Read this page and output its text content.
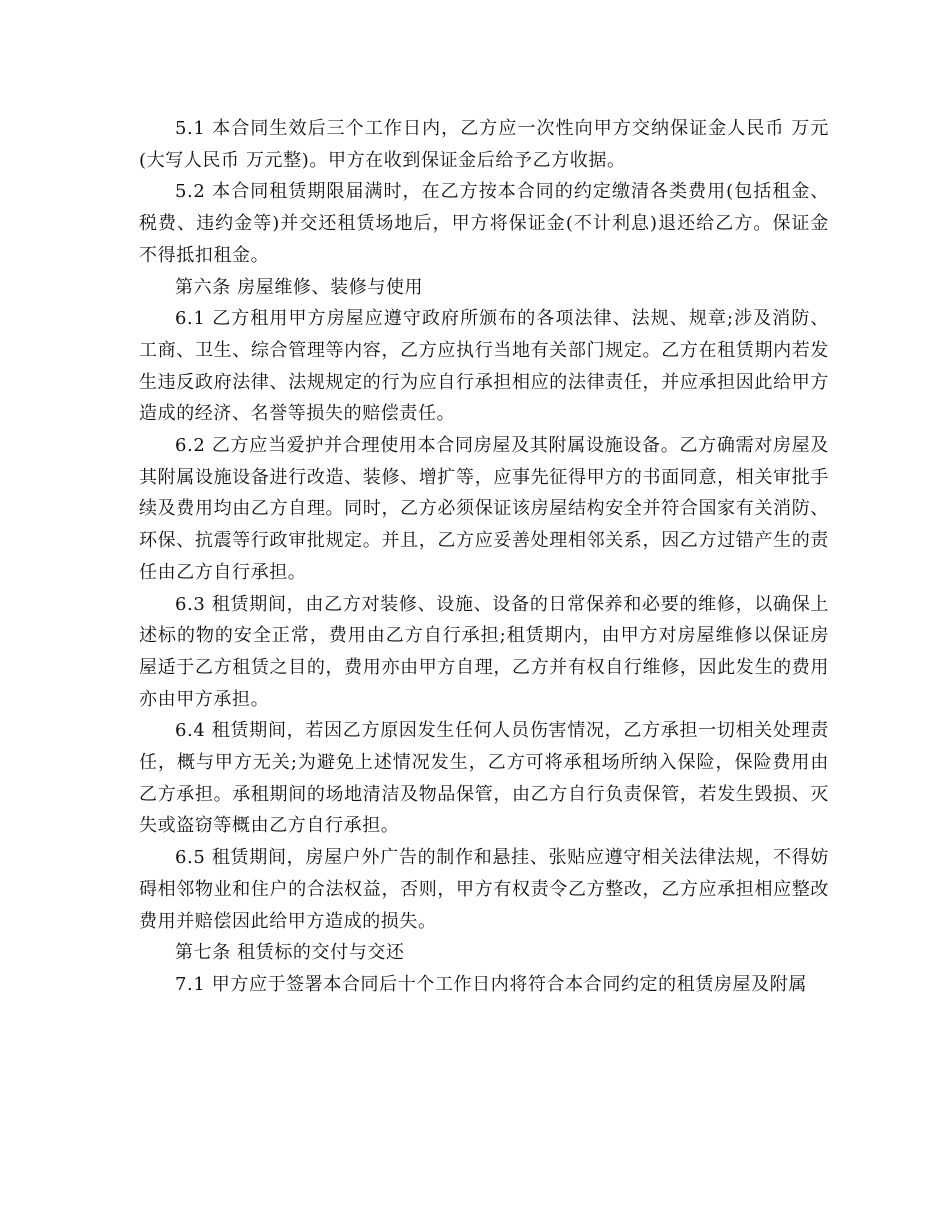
5.1 本合同生效后三个工作日内，乙方应一次性向甲方交纳保证金人民币 万元(大写人民币 万元整)。甲方在收到保证金后给予乙方收据。

5.2 本合同租赁期限届满时，在乙方按本合同的约定缴清各类费用(包括租金、税费、违约金等)并交还租赁场地后，甲方将保证金(不计利息)退还给乙方。保证金不得抵扣租金。

第六条 房屋维修、装修与使用

6.1 乙方租用甲方房屋应遵守政府所颁布的各项法律、法规、规章;涉及消防、工商、卫生、综合管理等内容，乙方应执行当地有关部门规定。乙方在租赁期内若发生违反政府法律、法规规定的行为应自行承担相应的法律责任，并应承担因此给甲方造成的经济、名誉等损失的赔偿责任。

6.2 乙方应当爱护并合理使用本合同房屋及其附属设施设备。乙方确需对房屋及其附属设施设备进行改造、装修、增扩等，应事先征得甲方的书面同意，相关审批手续及费用均由乙方自理。同时，乙方必须保证该房屋结构安全并符合国家有关消防、环保、抗震等行政审批规定。并且，乙方应妥善处理相邻关系，因乙方过错产生的责任由乙方自行承担。

6.3 租赁期间，由乙方对装修、设施、设备的日常保养和必要的维修，以确保上述标的物的安全正常，费用由乙方自行承担;租赁期内，由甲方对房屋维修以保证房屋适于乙方租赁之目的，费用亦由甲方自理，乙方并有权自行维修，因此发生的费用亦由甲方承担。

6.4 租赁期间，若因乙方原因发生任何人员伤害情况，乙方承担一切相关处理责任，概与甲方无关;为避免上述情况发生，乙方可将承租场所纳入保险，保险费用由乙方承担。承租期间的场地清洁及物品保管，由乙方自行负责保管，若发生毁损、灭失或盗窃等概由乙方自行承担。

6.5 租赁期间，房屋户外广告的制作和悬挂、张贴应遵守相关法律法规，不得妨碍相邻物业和住户的合法权益，否则，甲方有权责令乙方整改，乙方应承担相应整改费用并赔偿因此给甲方造成的损失。

第七条 租赁标的交付与交还

7.1 甲方应于签署本合同后十个工作日内将符合本合同约定的租赁房屋及附属
